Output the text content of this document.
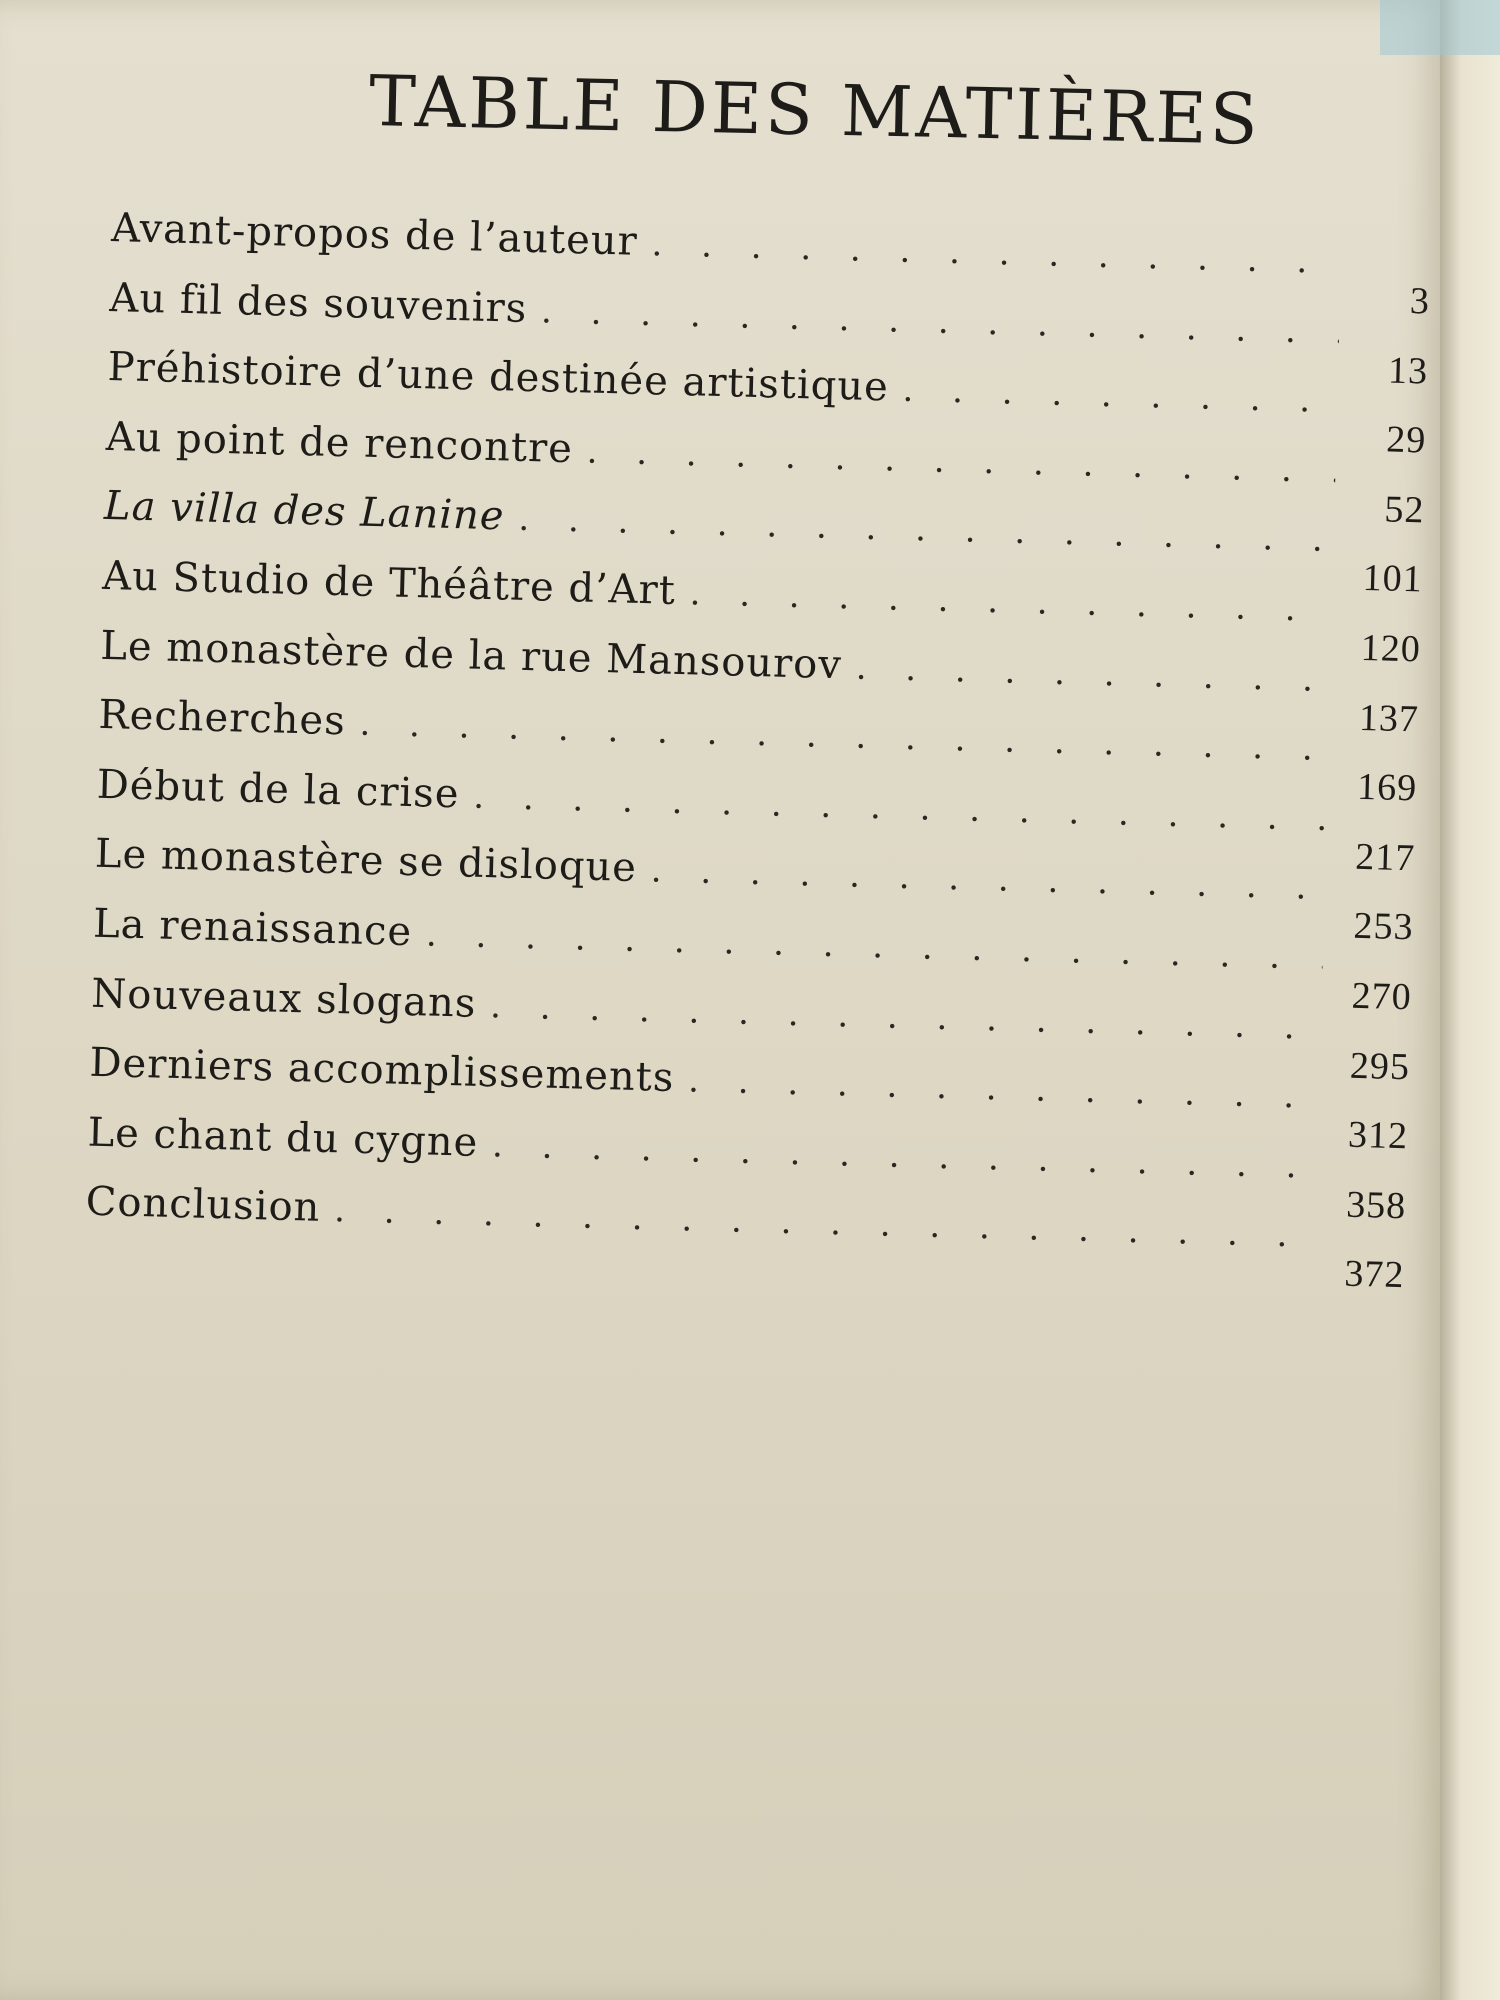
TABLE DES MATIÈRES
Avant-propos de l’auteur
. . .
3
Au fil des souvenirs
. . .
13
Préhistoire d’une destinée artistique
. . .
29
Au point de rencontre
. . .
52
La villa des Lanine
. . .
101
Au Studio de Théâtre d’Art
. . .
120
Le monastère de la rue Mansourov
. . .
137
Recherches
. . .
169
Début de la crise
. . .
217
Le monastère se disloque
. . .
253
La renaissance
. . .
270
Nouveaux slogans
. . .
295
Derniers accomplissements
. . .
312
Le chant du cygne
. . .
358
Conclusion
. . .
372
